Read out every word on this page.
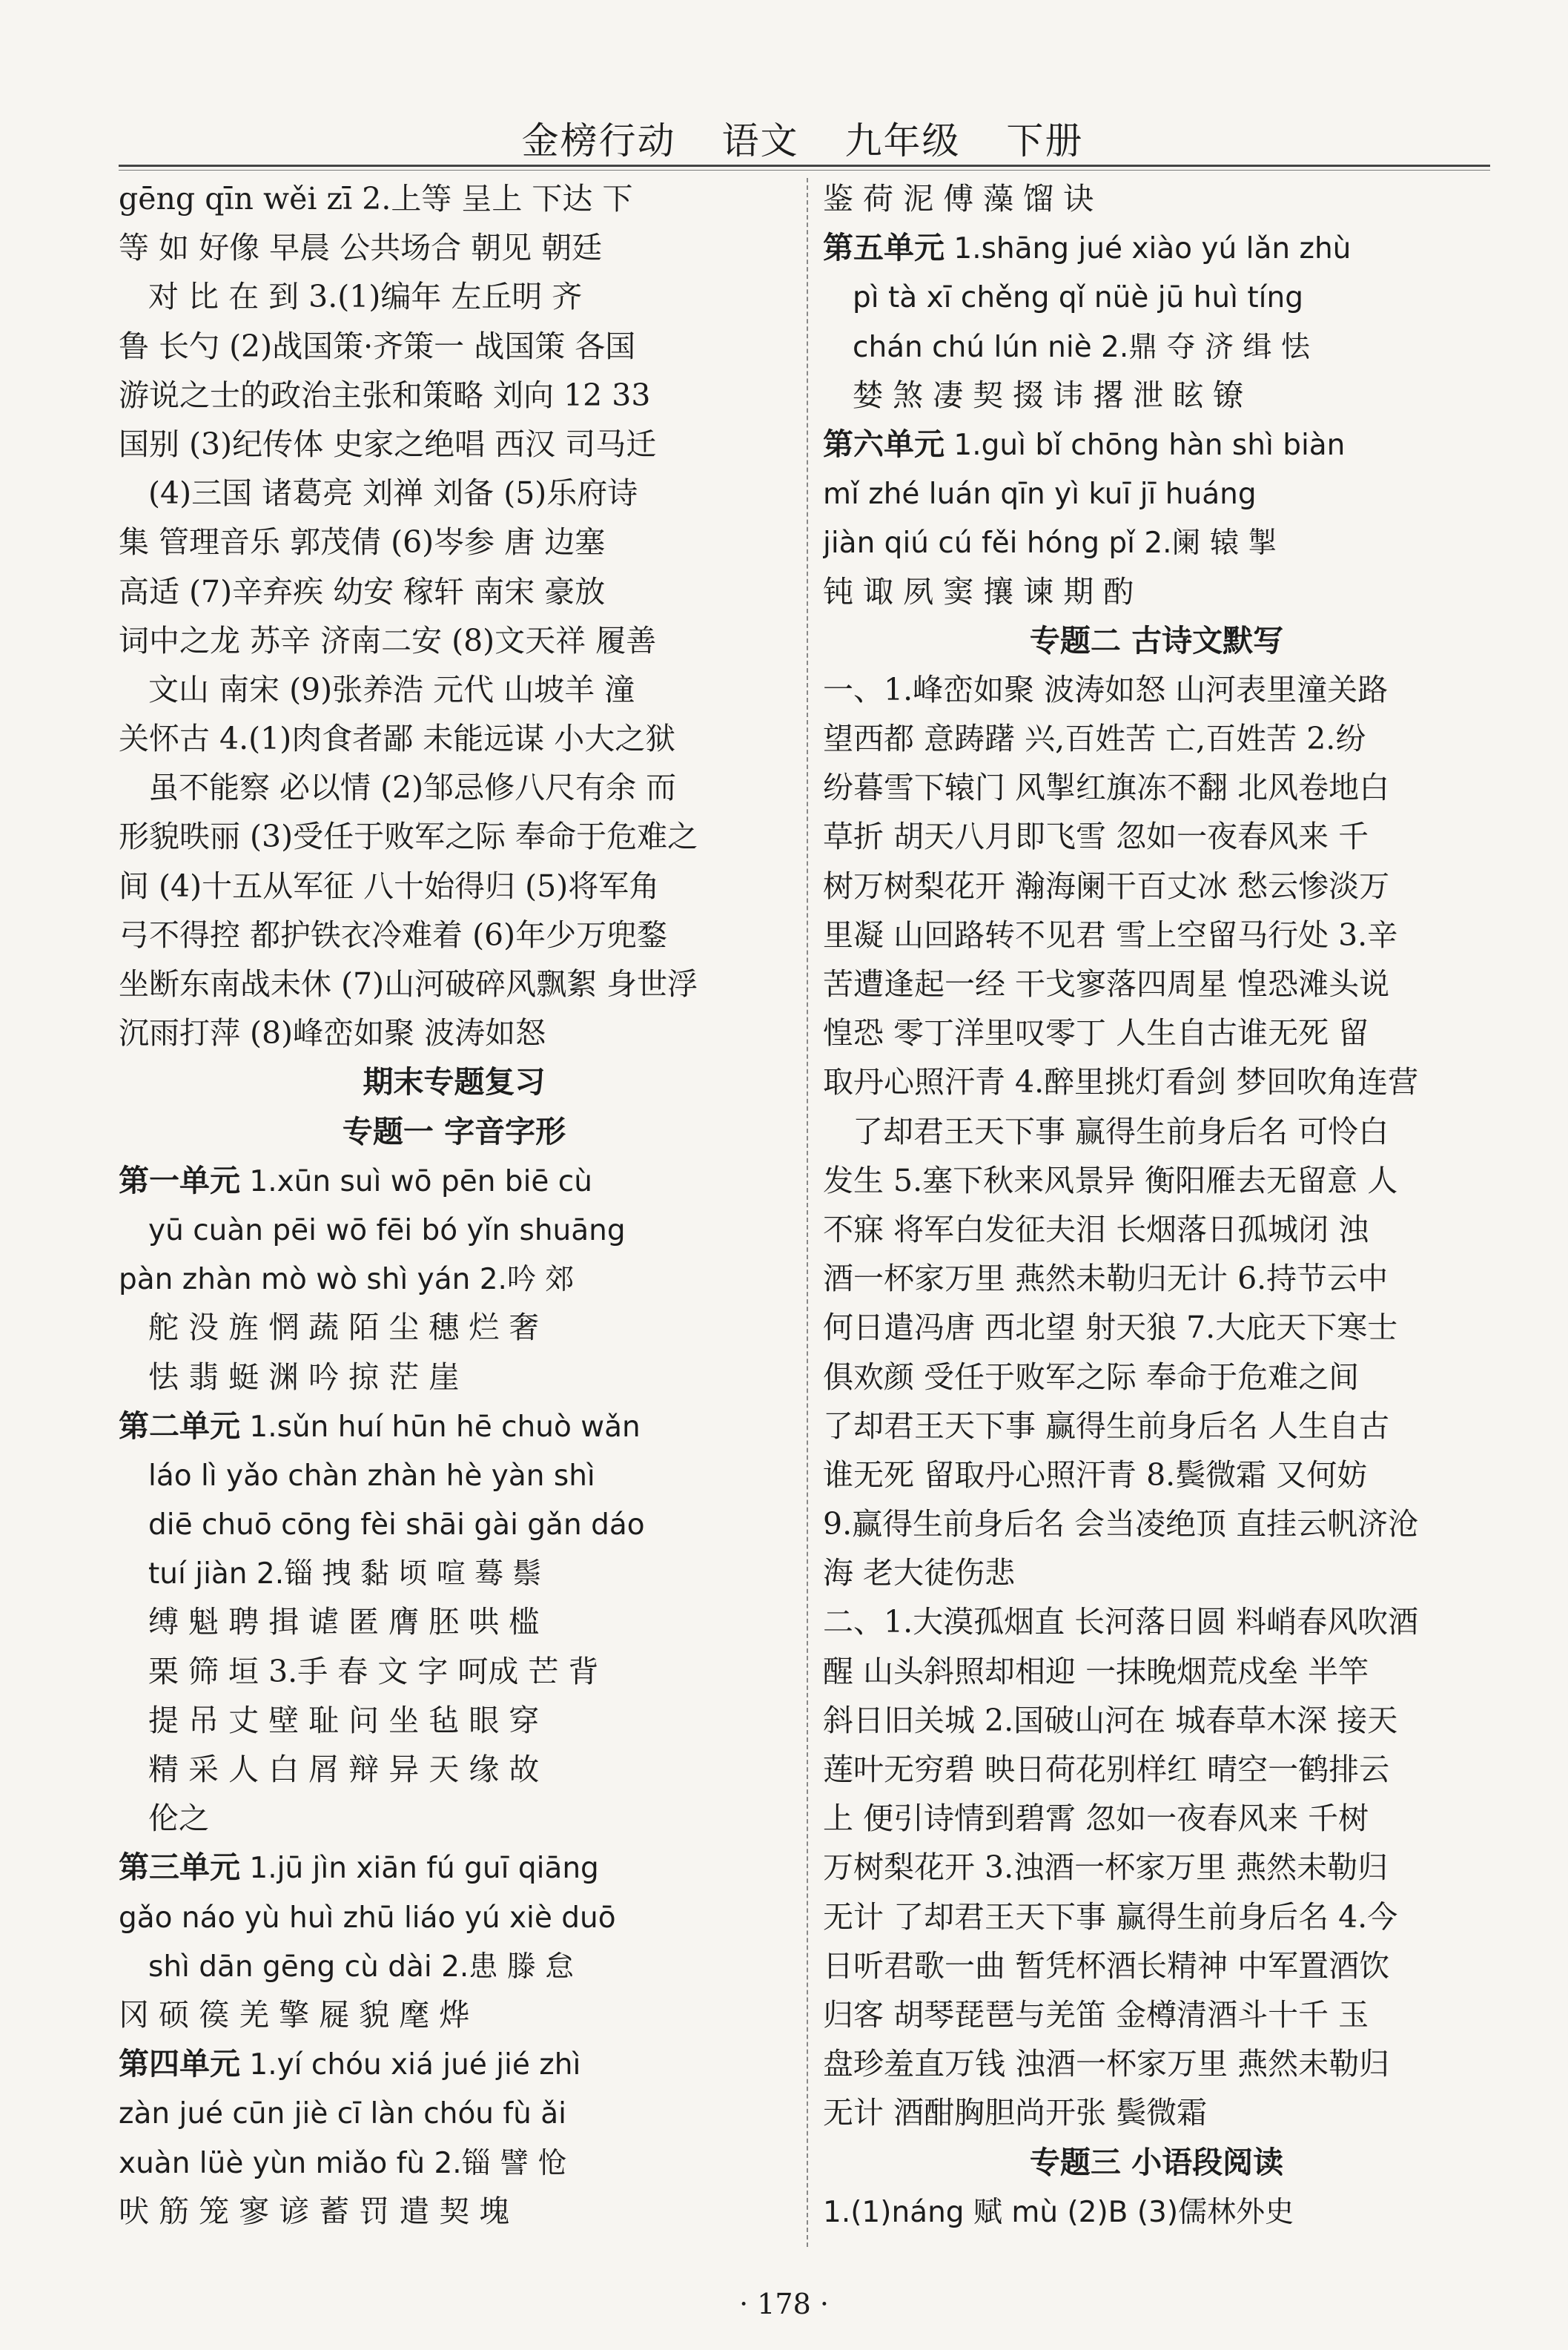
金榜行动 语文 九年级 下册
gēng qīn wěi zī 2.上等 呈上 下达 下
等 如 好像 早晨 公共场合 朝见 朝廷
对 比 在 到 3.(1)编年 左丘明 齐
鲁 长勺 (2)战国策·齐策一 战国策 各国
游说之士的政治主张和策略 刘向 12 33
国别 (3)纪传体 史家之绝唱 西汉 司马迁
(4)三国 诸葛亮 刘禅 刘备 (5)乐府诗
集 管理音乐 郭茂倩 (6)岑参 唐 边塞
高适 (7)辛弃疾 幼安 稼轩 南宋 豪放
词中之龙 苏辛 济南二安 (8)文天祥 履善
文山 南宋 (9)张养浩 元代 山坡羊 潼
关怀古 4.(1)肉食者鄙 未能远谋 小大之狱
虽不能察 必以情 (2)邹忌修八尺有余 而
形貌昳丽 (3)受任于败军之际 奉命于危难之
间 (4)十五从军征 八十始得归 (5)将军角
弓不得控 都护铁衣冷难着 (6)年少万兜鍪
坐断东南战未休 (7)山河破碎风飘絮 身世浮
沉雨打萍 (8)峰峦如聚 波涛如怒
期末专题复习
专题一 字音字形
第一单元 1.xūn suì wō pēn biē cù
yū cuàn pēi wō fēi bó yǐn shuāng
pàn zhàn mò wò shì yán 2.吟 郊
舵 没 旌 惘 蔬 陌 尘 穗 烂 奢
怯 翡 蜓 渊 吟 掠 茫 崖
第二单元 1.sǔn huí hūn hē chuò wǎn
láo lì yǎo chàn zhàn hè yàn shì
diē chuō cōng fèi shāi gài gǎn dáo
tuí jiàn 2.锱 拽 黏 顷 喧 蓦 鬃
缚 魁 聘 揖 谑 匿 膺 胚 哄 槛
栗 筛 垣 3.手 春 文 字 呵成 芒 背
提 吊 丈 壁 耻 问 坐 毡 眼 穿
精 采 人 白 屑 辩 异 天 缘 故
伦之
第三单元 1.jū jìn xiān fú guī qiāng
gǎo náo yù huì zhū liáo yú xiè duō
shì dān gēng cù dài 2.患 滕 怠
冈 硕 篌 羌 擎 屣 貌 麾 烨
第四单元 1.yí chóu xiá jué jié zhì
zàn jué cūn jiè cī làn chóu fù ǎi
xuàn lüè yùn miǎo fù 2.锱 譬 怆
吠 筋 笼 寥 谚 蓄 罚 遣 契 塊
鉴 荷 泥 傅 藻 馏 诀
第五单元 1.shāng jué xiào yú lǎn zhù
pì tà xī chěng qǐ nüè jū huì tíng
chán chú lún niè 2.鼎 夺 济 缉 怯
婪 煞 凄 契 掇 讳 撂 泄 眩 镣
第六单元 1.guì bǐ chōng hàn shì biàn
mǐ zhé luán qīn yì kuī jī huáng
jiàn qiú cú fěi hóng pǐ 2.阑 辕 掣
钝 诹 夙 窦 攘 谏 期 酌
专题二 古诗文默写
一、1.峰峦如聚 波涛如怒 山河表里潼关路
望西都 意踌躇 兴,百姓苦 亡,百姓苦 2.纷
纷暮雪下辕门 风掣红旗冻不翻 北风卷地白
草折 胡天八月即飞雪 忽如一夜春风来 千
树万树梨花开 瀚海阑干百丈冰 愁云惨淡万
里凝 山回路转不见君 雪上空留马行处 3.辛
苦遭逢起一经 干戈寥落四周星 惶恐滩头说
惶恐 零丁洋里叹零丁 人生自古谁无死 留
取丹心照汗青 4.醉里挑灯看剑 梦回吹角连营
了却君王天下事 赢得生前身后名 可怜白
发生 5.塞下秋来风景异 衡阳雁去无留意 人
不寐 将军白发征夫泪 长烟落日孤城闭 浊
酒一杯家万里 燕然未勒归无计 6.持节云中
何日遣冯唐 西北望 射天狼 7.大庇天下寒士
俱欢颜 受任于败军之际 奉命于危难之间
了却君王天下事 赢得生前身后名 人生自古
谁无死 留取丹心照汗青 8.鬓微霜 又何妨
9.赢得生前身后名 会当凌绝顶 直挂云帆济沧
海 老大徒伤悲
二、1.大漠孤烟直 长河落日圆 料峭春风吹酒
醒 山头斜照却相迎 一抹晚烟荒戍垒 半竿
斜日旧关城 2.国破山河在 城春草木深 接天
莲叶无穷碧 映日荷花别样红 晴空一鹤排云
上 便引诗情到碧霄 忽如一夜春风来 千树
万树梨花开 3.浊酒一杯家万里 燕然未勒归
无计 了却君王天下事 赢得生前身后名 4.今
日听君歌一曲 暂凭杯酒长精神 中军置酒饮
归客 胡琴琵琶与羌笛 金樽清酒斗十千 玉
盘珍羞直万钱 浊酒一杯家万里 燕然未勒归
无计 酒酣胸胆尚开张 鬓微霜
专题三 小语段阅读
1.(1)náng 赋 mù (2)B (3)儒林外史
· 178 ·
